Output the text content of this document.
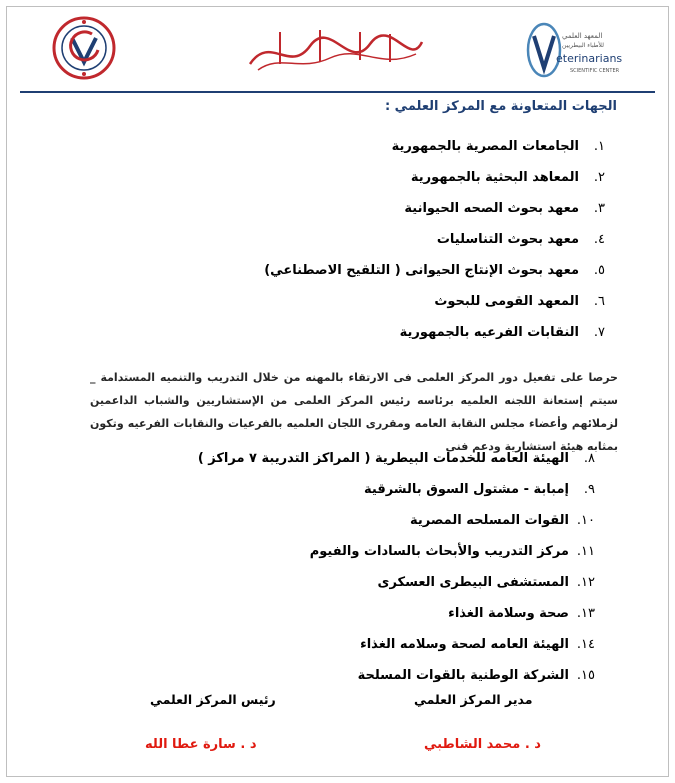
المعهد العلمي
للأطباء البيطريين
eterinarians
SCIENTIFIC CENTER
الجهات المتعاونة مع المركز العلمي :
١.الجامعات المصرية بالجمهورية
٢.المعاهد البحثية بالجمهورية
٣.معهد بحوث الصحه الحيوانية
٤.معهد بحوث التناسليات
٥.معهد بحوث الإنتاج الحيوانى ( التلقيح الاصطناعي)
٦.المعهد القومى للبحوث
٧.النقابات الفرعيه بالجمهورية

حرصا على تفعيل دور المركز العلمى فى الارتقاء بالمهنه من خلال التدريب والتنميه المستدامة _ سيتم إستعانة اللجنه العلميه برئاسه رئيس المركز العلمى من الإستشاريين والشباب الداعمين لزملائهم وأعضاء مجلس النقابة العامه ومقررى اللجان العلميه بالفرعيات والنقابات الفرعيه وتكون بمثابه هيئة استشارية ودعم فنى

٨.الهيئة العامه للخدمات البيطرية ( المراكز التدريبة ٧ مراكز )
٩.إمبابة - مشتول السوق بالشرقية
١٠.القوات المسلحه المصرية
١١.مركز التدريب والأبحاث بالسادات والفيوم
١٢.المستشفى البيطرى العسكرى
١٣.صحة وسلامة الغذاء
١٤.الهيئة العامه لصحة وسلامه الغذاء
١٥.الشركة الوطنية بالقوات المسلحة
مدير المركز العلمي
رئيس المركز العلمي
د . محمد الشاطبي
د . سارة عطا الله
